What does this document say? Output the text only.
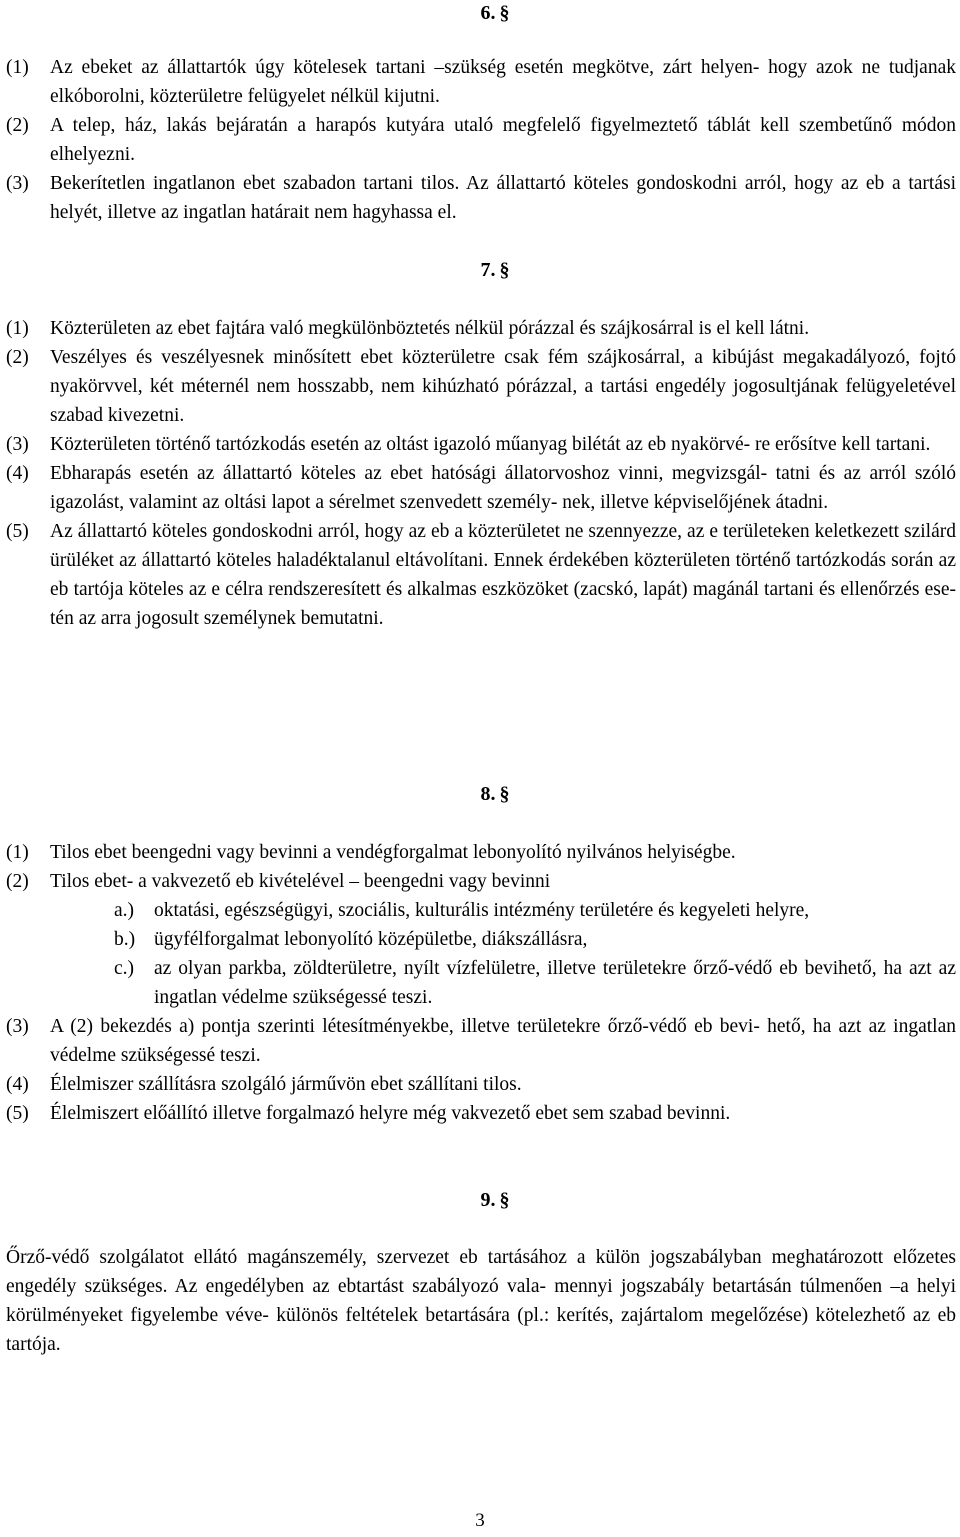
6. §
(1)	Az ebeket az állattartók úgy kötelesek tartani –szükség esetén megkötve, zárt helyen- hogy azok ne tudjanak elkóborolni, közterületre felügyelet nélkül kijutni.
(2)	A telep, ház, lakás bejáratán a harapós kutyára utaló megfelelő figyelmeztető táblát kell szembetűnő módon elhelyezni.
(3)	Bekerítetlen ingatlanon ebet szabadon tartani tilos. Az állattartó köteles gondoskodni arról, hogy az eb a tartási helyét, illetve az ingatlan határait nem hagyhassa el.
7. §
(1)	Közterületen az ebet fajtára való megkülönböztetés nélkül pórázzal és szájkosárral is el kell látni.
(2)	Veszélyes és veszélyesnek minősített ebet közterületre csak fém szájkosárral, a kibújást megakadályozó, fojtó nyakörvvel, két méternél nem hosszabb, nem kihúzható pórázzal, a tartási engedély jogosultjának felügyeletével szabad kivezetni.
(3)	Közterületen történő tartózkodás esetén az oltást igazoló műanyag bilétát az eb nyakörvé- re erősítve kell tartani.
(4)	Ebharapás esetén az állattartó köteles az ebet hatósági állatorvoshoz vinni, megvizsgál- tatni és az arról szóló igazolást, valamint az oltási lapot a sérelmet szenvedett személy- nek, illetve képviselőjének átadni.
(5)	Az állattartó köteles gondoskodni arról, hogy az eb a közterületet ne szennyezze, az e területeken keletkezett szilárd ürüléket az állattartó köteles haladéktalanul eltávolítani. Ennek érdekében közterületen történő tartózkodás során az eb tartója köteles az e célra rendszeresített és alkalmas eszközöket (zacskó, lapát) magánál tartani és ellenőrzés ese- tén az arra jogosult személynek bemutatni.
8. §
(1)	Tilos ebet beengedni vagy bevinni a vendégforgalmat lebonyolító nyilvános helyiségbe.
(2)	Tilos ebet- a vakvezető eb kivételével – beengedni vagy bevinni
a.)	oktatási, egészségügyi, szociális, kulturális intézmény területére és kegyeleti helyre,
b.) ügyfélforgalmat lebonyolító középületbe, diákszállásra,
c.)	az olyan parkba, zöldterületre, nyílt vízfelületre, illetve területekre őrző-védő eb bevihető, ha azt az ingatlan védelme szükségessé teszi.
(3)	A (2) bekezdés a) pontja szerinti létesítményekbe, illetve területekre őrző-védő eb bevi- hető, ha azt az ingatlan védelme szükségessé teszi.
(4)	Élelmiszer szállításra szolgáló járművön ebet szállítani tilos.
(5)	Élelmiszert előállító illetve forgalmazó helyre még vakvezető ebet sem szabad bevinni.
9. §
Őrző-védő szolgálatot ellátó magánszemély, szervezet eb tartásához a külön jogszabályban meghatározott előzetes engedély szükséges. Az engedélyben az ebtartást szabályozó vala- mennyi jogszabály betartásán túlmenően –a helyi körülményeket figyelembe véve- különös feltételek betartására (pl.: kerítés, zajártalom megelőzése) kötelezhető az eb tartója.
3
